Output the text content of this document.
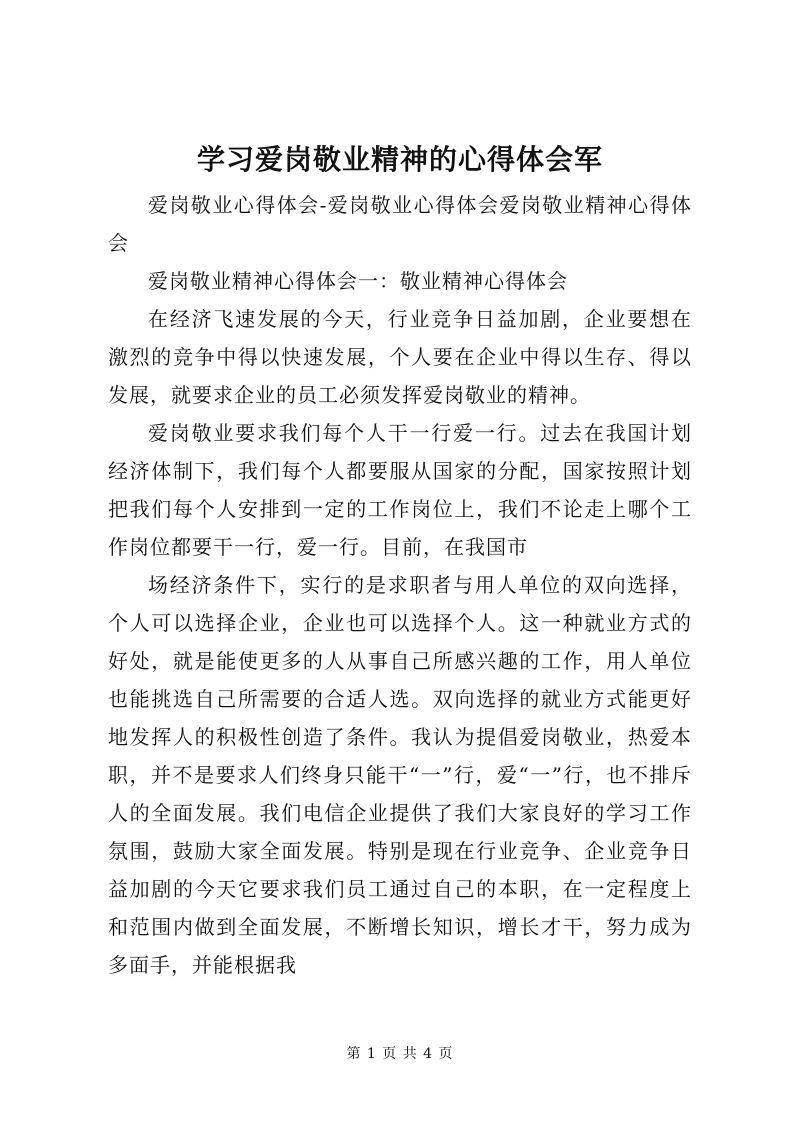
学习爱岗敬业精神的心得体会军

爱岗敬业心得体会-爱岗敬业心得体会爱岗敬业精神心得体会

爱岗敬业精神心得体会一：敬业精神心得体会

在经济飞速发展的今天，行业竞争日益加剧，企业要想在激烈的竞争中得以快速发展，个人要在企业中得以生存、得以发展，就要求企业的员工必须发挥爱岗敬业的精神。

爱岗敬业要求我们每个人干一行爱一行。过去在我国计划经济体制下，我们每个人都要服从国家的分配，国家按照计划把我们每个人安排到一定的工作岗位上，我们不论走上哪个工作岗位都要干一行，爱一行。目前，在我国市

场经济条件下，实行的是求职者与用人单位的双向选择，个人可以选择企业，企业也可以选择个人。这一种就业方式的好处，就是能使更多的人从事自己所感兴趣的工作，用人单位也能挑选自己所需要的合适人选。双向选择的就业方式能更好地发挥人的积极性创造了条件。我认为提倡爱岗敬业，热爱本职，并不是要求人们终身只能干“一”行，爱“一”行，也不排斥人的全面发展。我们电信企业提供了我们大家良好的学习工作氛围，鼓励大家全面发展。特别是现在行业竞争、企业竞争日益加剧的今天它要求我们员工通过自己的本职，在一定程度上和范围内做到全面发展，不断增长知识，增长才干，努力成为多面手，并能根据我

第 1 页 共 4 页
